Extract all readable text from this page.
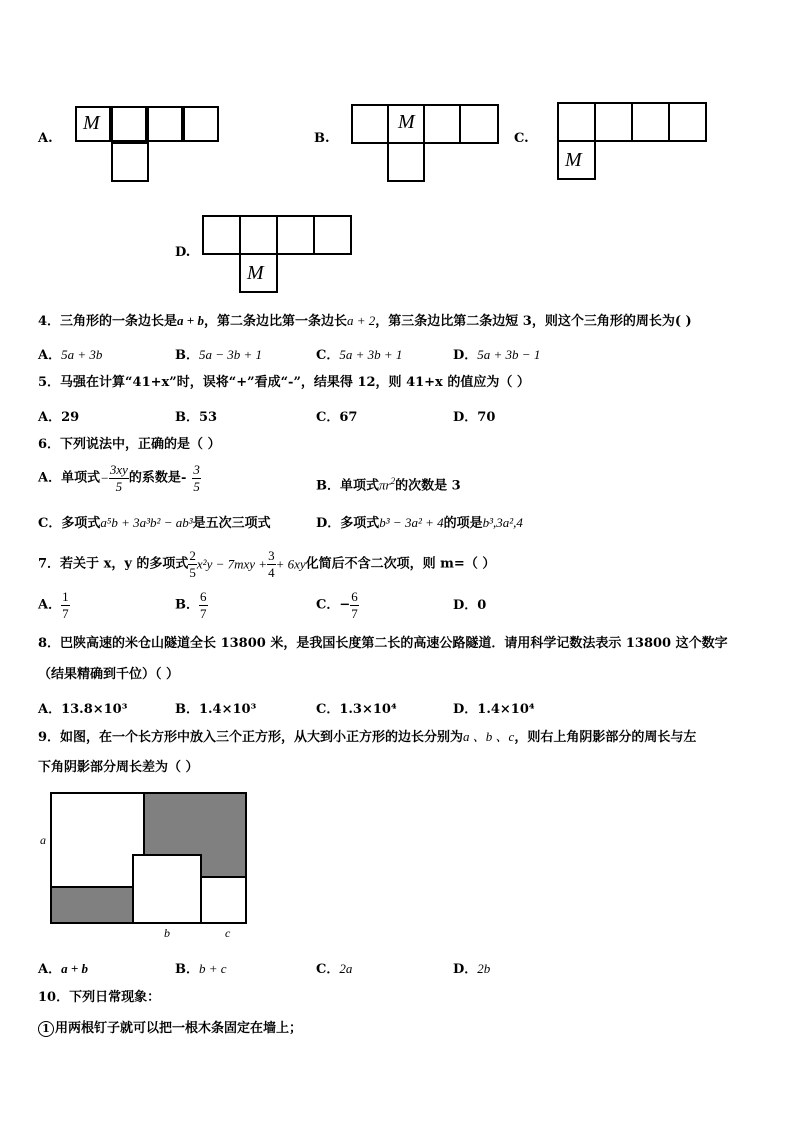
A.
M
B.
M
C.
M
D.
M
4．三角形的一条边长是a + b，第二条边比第一条边长a + 2，第三条边比第二条边短 3，则这个三角形的周长为( )
A．5a + 3b	B．5a − 3b + 1	C．5a + 3b + 1	D．5a + 3b − 1
5．马强在计算“41+x”时，误将“+”看成“-”，结果得 12，则 41+x 的值应为（ ）
A．29	B．53	C．67	D．70
6．下列说法中，正确的是（ ）
A．单项式− $\frac{3xy}{5}$ 的系数是- $\frac{3}{5}$	B．单项式$\pi r^2$的次数是 3
C．多项式a⁵b + 3a³b² − ab³是五次三项式	D．多项式b³ − 3a² + 4的项是b³,3a²,4
7．若关于 x，y 的多项式 $\frac{2}{5} x^2y - 7mxy + \frac{3}{4} + 6xy$化简后不含二次项，则 m=（ ）
A． $\frac{1}{7}$	B． $\frac{6}{7}$	C．− $\frac{6}{7}$	D．0
8．巴陕高速的米仓山隧道全长 13800 米，是我国长度第二长的高速公路隧道．请用科学记数法表示 13800 这个数字
（结果精确到千位）（ ）
A．13.8×10³	B．1.4×10³	C．1.3×10⁴	D．1.4×10⁴
9．如图，在一个长方形中放入三个正方形，从大到小正方形的边长分别为a 、b 、c，则右上角阴影部分的周长与左
下角阴影部分周长差为（ ）
a
b	c
A．a + b	B．b + c	C．2a	D．2b
10．下列日常现象：
1 用两根钉子就可以把一根木条固定在墙上；
